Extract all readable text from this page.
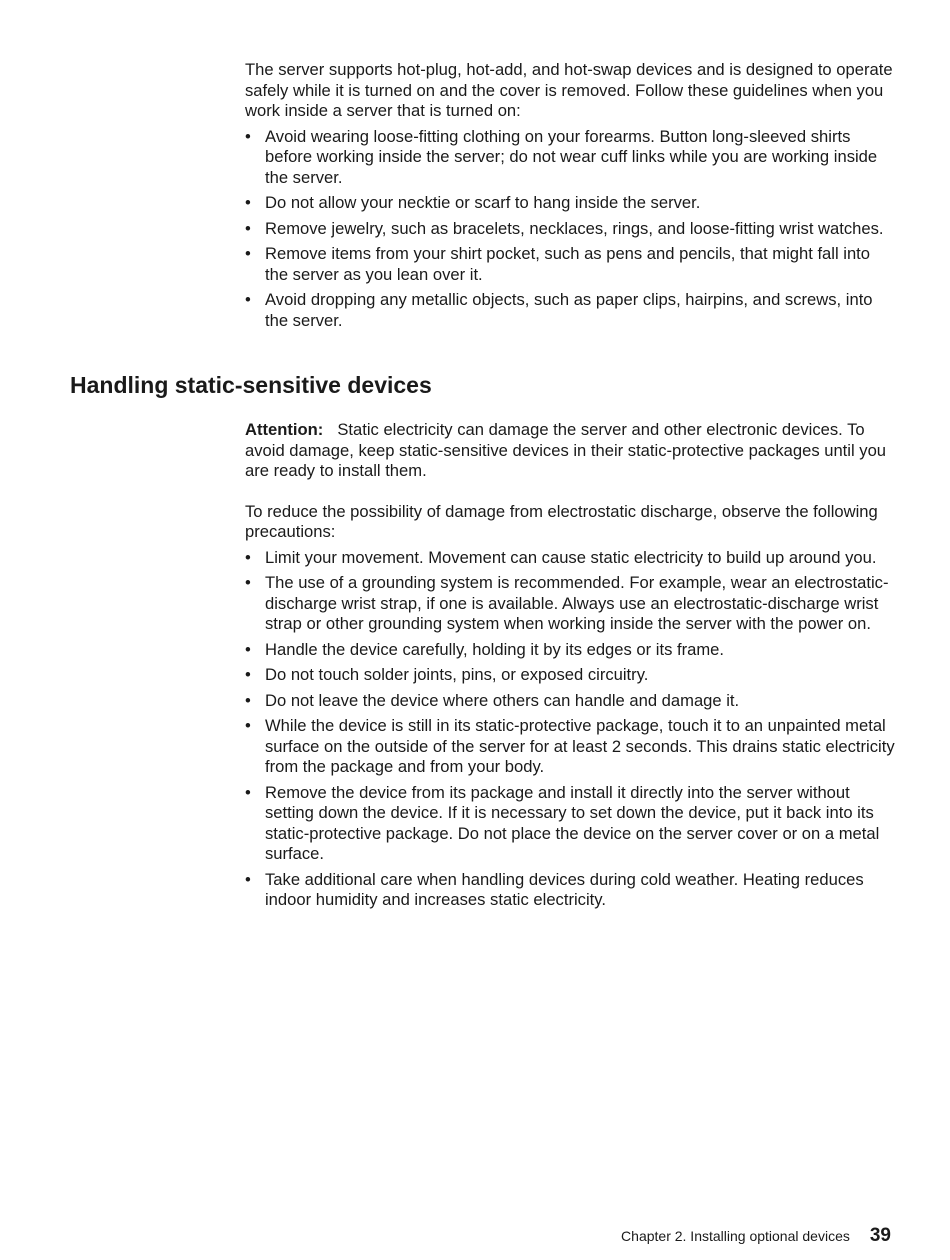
The server supports hot-plug, hot-add, and hot-swap devices and is designed to operate safely while it is turned on and the cover is removed. Follow these guidelines when you work inside a server that is turned on:

• Avoid wearing loose-fitting clothing on your forearms. Button long-sleeved shirts before working inside the server; do not wear cuff links while you are working inside the server.
• Do not allow your necktie or scarf to hang inside the server.
• Remove jewelry, such as bracelets, necklaces, rings, and loose-fitting wrist watches.
• Remove items from your shirt pocket, such as pens and pencils, that might fall into the server as you lean over it.
• Avoid dropping any metallic objects, such as paper clips, hairpins, and screws, into the server.
Handling static-sensitive devices

Attention: Static electricity can damage the server and other electronic devices. To avoid damage, keep static-sensitive devices in their static-protective packages until you are ready to install them.

To reduce the possibility of damage from electrostatic discharge, observe the following precautions:

• Limit your movement. Movement can cause static electricity to build up around you.
• The use of a grounding system is recommended. For example, wear an electrostatic-discharge wrist strap, if one is available. Always use an electrostatic-discharge wrist strap or other grounding system when working inside the server with the power on.
• Handle the device carefully, holding it by its edges or its frame.
• Do not touch solder joints, pins, or exposed circuitry.
• Do not leave the device where others can handle and damage it.
• While the device is still in its static-protective package, touch it to an unpainted metal surface on the outside of the server for at least 2 seconds. This drains static electricity from the package and from your body.
• Remove the device from its package and install it directly into the server without setting down the device. If it is necessary to set down the device, put it back into its static-protective package. Do not place the device on the server cover or on a metal surface.
• Take additional care when handling devices during cold weather. Heating reduces indoor humidity and increases static electricity.
Chapter 2. Installing optional devices 39
